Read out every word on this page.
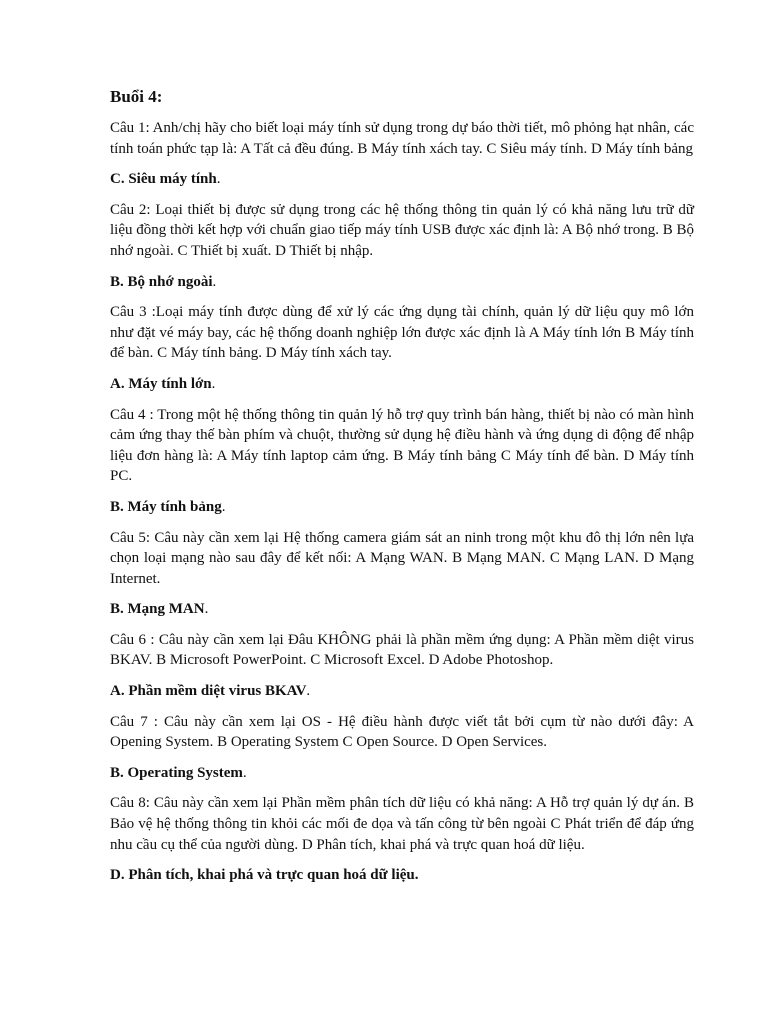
Buổi 4:

Câu 1: Anh/chị hãy cho biết loại máy tính sử dụng trong dự báo thời tiết, mô phỏng hạt nhân, các tính toán phức tạp là: A Tất cả đều đúng. B Máy tính xách tay. C Siêu máy tính. D Máy tính bảng

C. Siêu máy tính.

Câu 2: Loại thiết bị được sử dụng trong các hệ thống thông tin quản lý có khả năng lưu trữ dữ liệu đồng thời kết hợp với chuẩn giao tiếp máy tính USB được xác định là: A Bộ nhớ trong. B Bộ nhớ ngoài. C Thiết bị xuất. D Thiết bị nhập.

B. Bộ nhớ ngoài.

Câu 3 :Loại máy tính được dùng để xử lý các ứng dụng tài chính, quản lý dữ liệu quy mô lớn như đặt vé máy bay, các hệ thống doanh nghiệp lớn được xác định là A Máy tính lớn B Máy tính để bàn. C Máy tính bảng. D Máy tính xách tay.

A. Máy tính lớn.

Câu 4 : Trong một hệ thống thông tin quản lý hỗ trợ quy trình bán hàng, thiết bị nào có màn hình cảm ứng thay thế bàn phím và chuột, thường sử dụng hệ điều hành và ứng dụng di động để nhập liệu đơn hàng là: A Máy tính laptop cảm ứng. B Máy tính bảng C Máy tính để bàn. D Máy tính PC.

B. Máy tính bảng.

Câu 5: Câu này cần xem lại Hệ thống camera giám sát an ninh trong một khu đô thị lớn nên lựa chọn loại mạng nào sau đây để kết nối: A Mạng WAN. B Mạng MAN. C Mạng LAN. D Mạng Internet.

B. Mạng MAN.

Câu 6 : Câu này cần xem lại Đâu KHÔNG phải là phần mềm ứng dụng: A Phần mềm diệt virus BKAV. B Microsoft PowerPoint. C Microsoft Excel. D Adobe Photoshop.

A. Phần mềm diệt virus BKAV.

Câu 7 : Câu này cần xem lại OS - Hệ điều hành được viết tắt bởi cụm từ nào dưới đây: A Opening System. B Operating System C Open Source. D Open Services.

B. Operating System.

Câu 8: Câu này cần xem lại Phần mềm phân tích dữ liệu có khả năng: A Hỗ trợ quản lý dự án. B Bảo vệ hệ thống thông tin khỏi các mối đe dọa và tấn công từ bên ngoài C Phát triển để đáp ứng nhu cầu cụ thể của người dùng. D Phân tích, khai phá và trực quan hoá dữ liệu.

D. Phân tích, khai phá và trực quan hoá dữ liệu.
